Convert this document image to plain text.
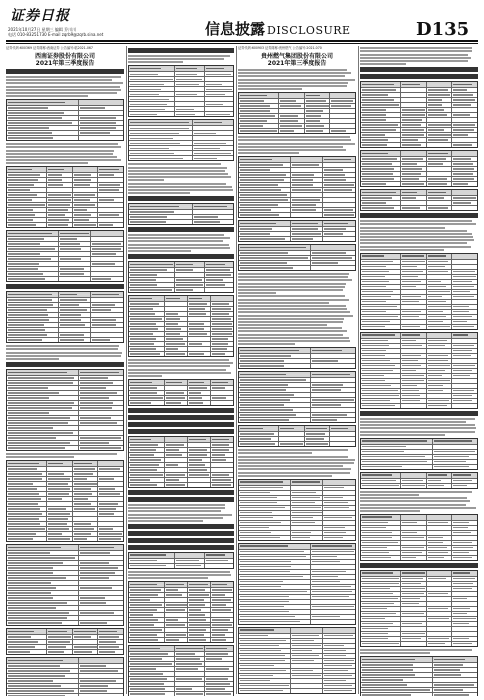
证券日报
2021年10月27日 星期三 编辑 乔川川
电话 010-83251730 E-mail zqrb9@zqrb.sina.net	信息披露 DISCLOSURE	D135
证券代码:600369 证券简称:西南证券 公告编号:临2021-067
西南证券股份有限公司
2021年第三季度报告
证券代码:600903 证券简称:贵州燃气 公告编号:2021-070
贵州燃气集团股份有限公司
2021年第三季度报告
